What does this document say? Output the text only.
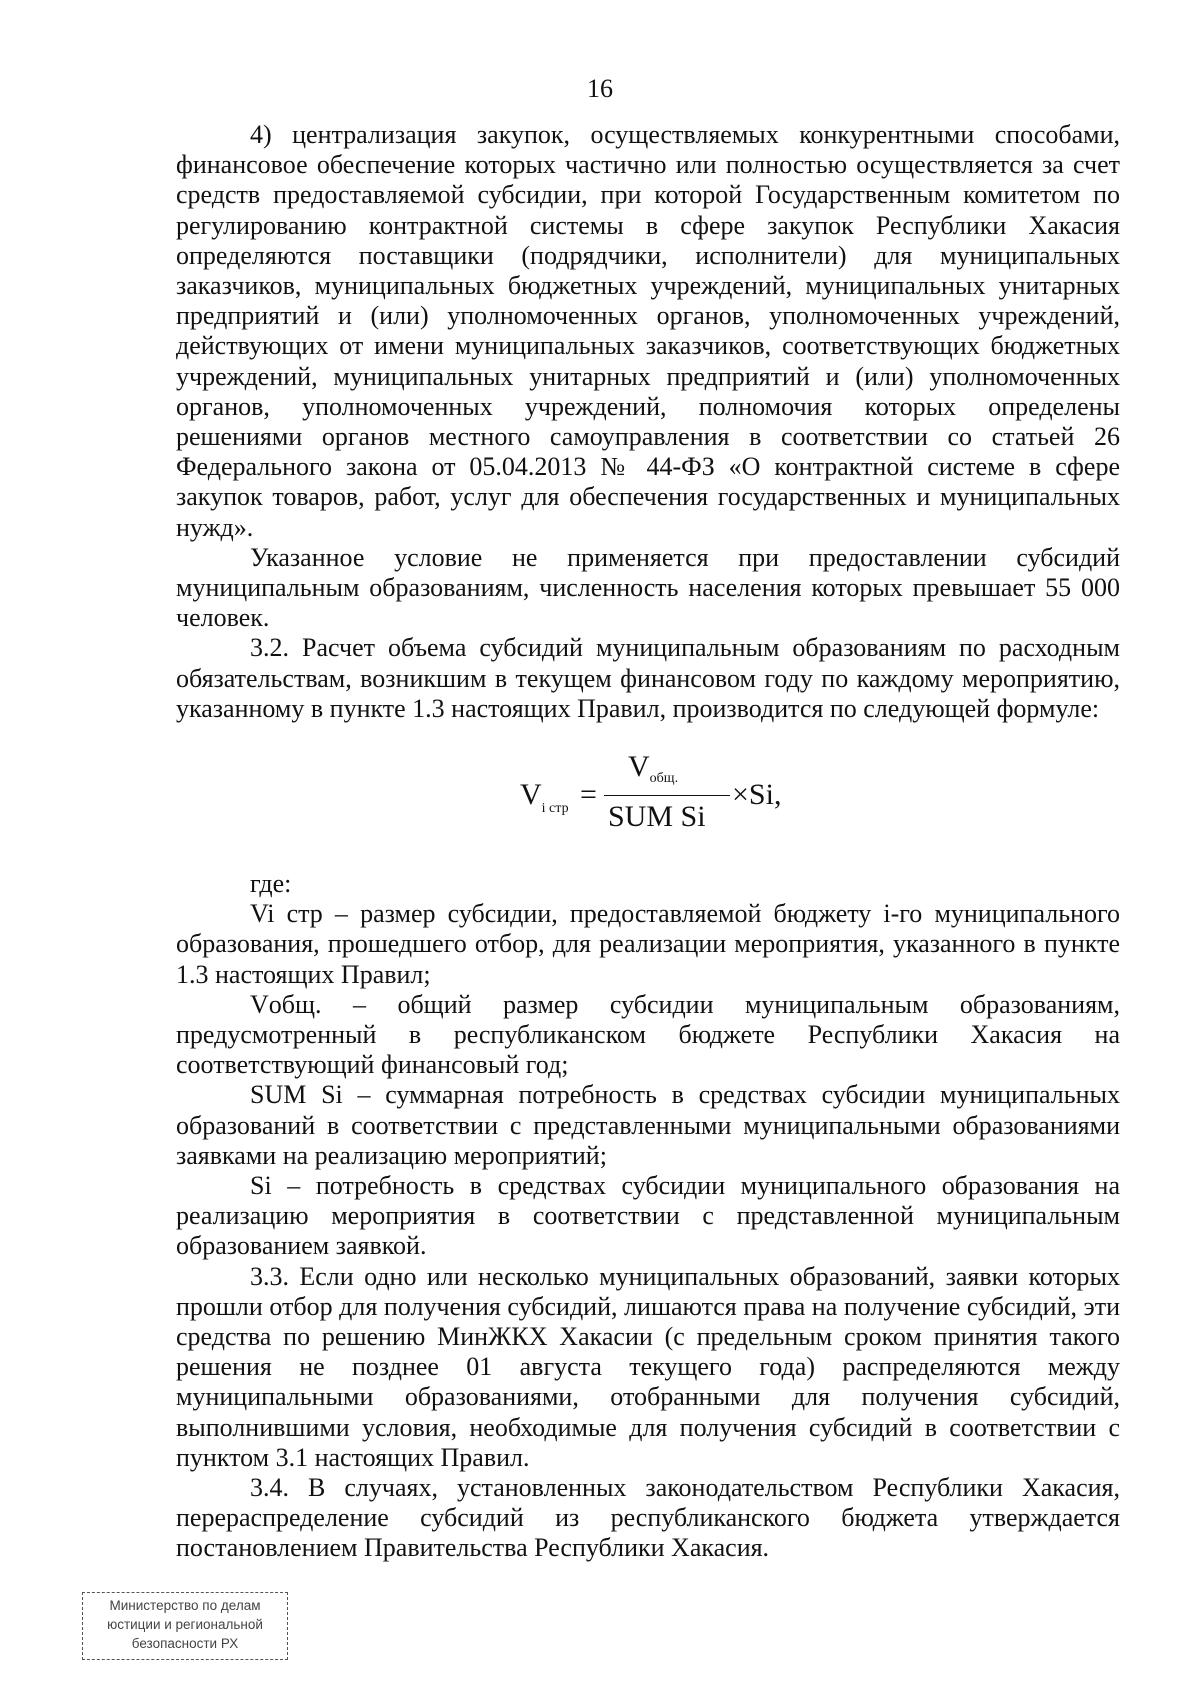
16

4) централизация закупок, осуществляемых конкурентными способами, финансовое обеспечение которых частично или полностью осуществляется за счет средств предоставляемой субсидии, при которой Государственным комитетом по регулированию контрактной системы в сфере закупок Республики Хакасия определяются поставщики (подрядчики, исполнители) для муниципальных заказчиков, муниципальных бюджетных учреждений, муниципальных унитарных предприятий и (или) уполномоченных органов, уполномоченных учреждений, действующих от имени муниципальных заказчиков, соответствующих бюджетных учреждений, муниципальных унитарных предприятий и (или) уполномоченных органов, уполномоченных учреждений, полномочия которых определены решениями органов местного самоуправления в соответствии со статьей 26 Федерального закона от 05.04.2013 № 44-ФЗ «О контрактной системе в сфере закупок товаров, работ, услуг для обеспечения государственных и муниципальных нужд».

Указанное условие не применяется при предоставлении субсидий муниципальным образованиям, численность населения которых превышает 55 000 человек.

3.2. Расчет объема субсидий муниципальным образованиям по расходным обязательствам, возникшим в текущем финансовом году по каждому мероприятию, указанному в пункте 1.3 настоящих Правил, производится по следующей формуле:

$V_{i стр}$ =
$V_{общ.}$
SUM Si
×Si,

где:

Vi стр – размер субсидии, предоставляемой бюджету i-го муниципального образования, прошедшего отбор, для реализации мероприятия, указанного в пункте 1.3 настоящих Правил;

Vобщ. – общий размер субсидии муниципальным образованиям, предусмотренный в республиканском бюджете Республики Хакасия на соответствующий финансовый год;

SUM Si – суммарная потребность в средствах субсидии муниципальных образований в соответствии с представленными муниципальными образованиями заявками на реализацию мероприятий;

Si – потребность в средствах субсидии муниципального образования на реализацию мероприятия в соответствии с представленной муниципальным образованием заявкой.

3.3. Если одно или несколько муниципальных образований, заявки которых прошли отбор для получения субсидий, лишаются права на получение субсидий, эти средства по решению МинЖКХ Хакасии (с предельным сроком принятия такого решения не позднее 01 августа текущего года) распределяются между муниципальными образованиями, отобранными для получения субсидий, выполнившими условия, необходимые для получения субсидий в соответствии с пунктом 3.1 настоящих Правил.

3.4. В случаях, установленных законодательством Республики Хакасия, перераспределение субсидий из республиканского бюджета утверждается постановлением Правительства Республики Хакасия.

Министерство по делам
юстиции и региональной
безопасности РХ
